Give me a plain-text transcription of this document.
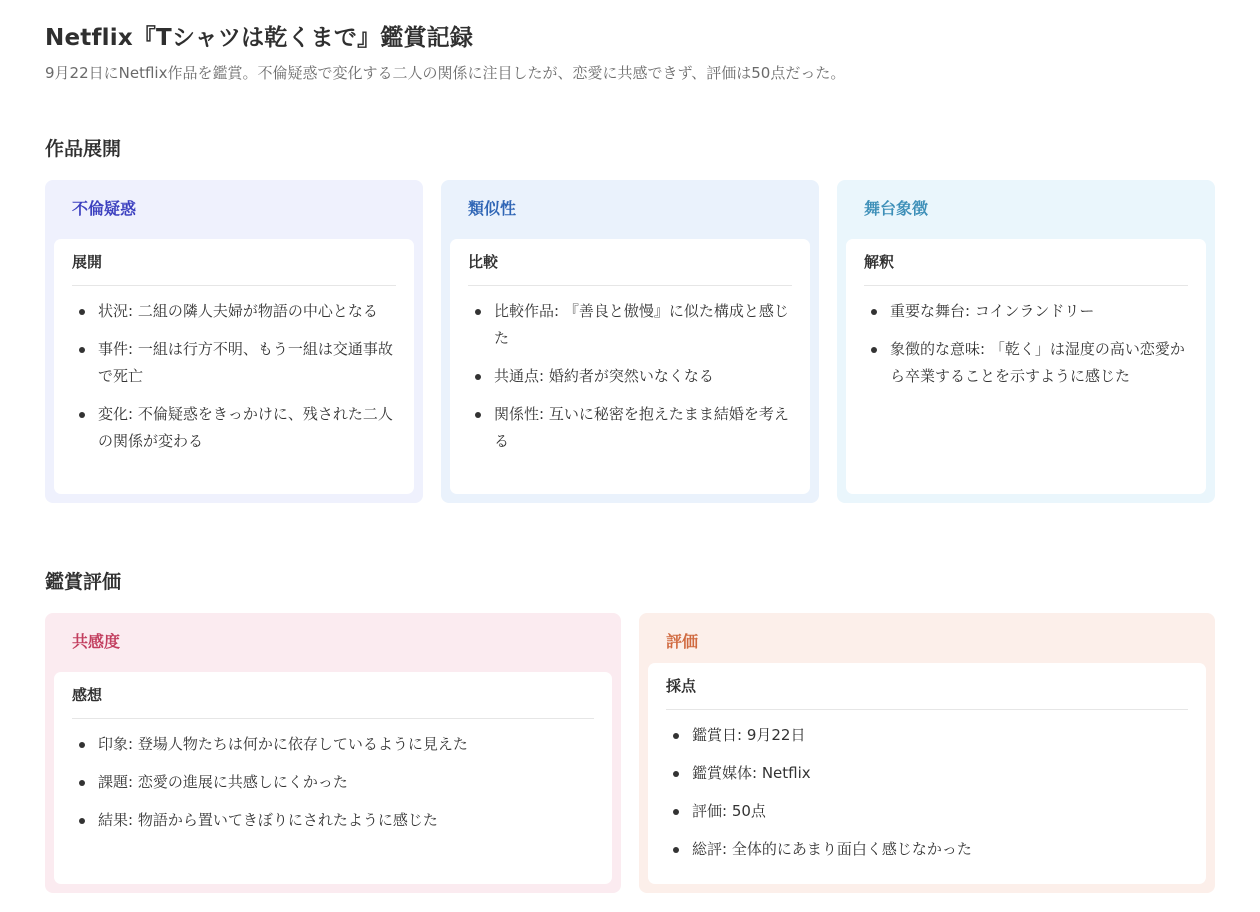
Netflix『Tシャツは乾くまで』鑑賞記録

9月22日にNetflix作品を鑑賞。不倫疑惑で変化する二人の関係に注目したが、恋愛に共感できず、評価は50点だった。

作品展開
不倫疑惑
展開
状況: 二組の隣人夫婦が物語の中心となる
事件: 一組は行方不明、もう一組は交通事故で死亡
変化: 不倫疑惑をきっかけに、残された二人の関係が変わる
類似性
比較
比較作品: 『善良と傲慢』に似た構成と感じた
共通点: 婚約者が突然いなくなる
関係性: 互いに秘密を抱えたまま結婚を考える
舞台象徴
解釈
重要な舞台: コインランドリー
象徴的な意味: 「乾く」は湿度の高い恋愛から卒業することを示すように感じた
鑑賞評価
共感度
感想
印象: 登場人物たちは何かに依存しているように見えた
課題: 恋愛の進展に共感しにくかった
結果: 物語から置いてきぼりにされたように感じた
評価
採点
鑑賞日: 9月22日
鑑賞媒体: Netflix
評価: 50点
総評: 全体的にあまり面白く感じなかった
